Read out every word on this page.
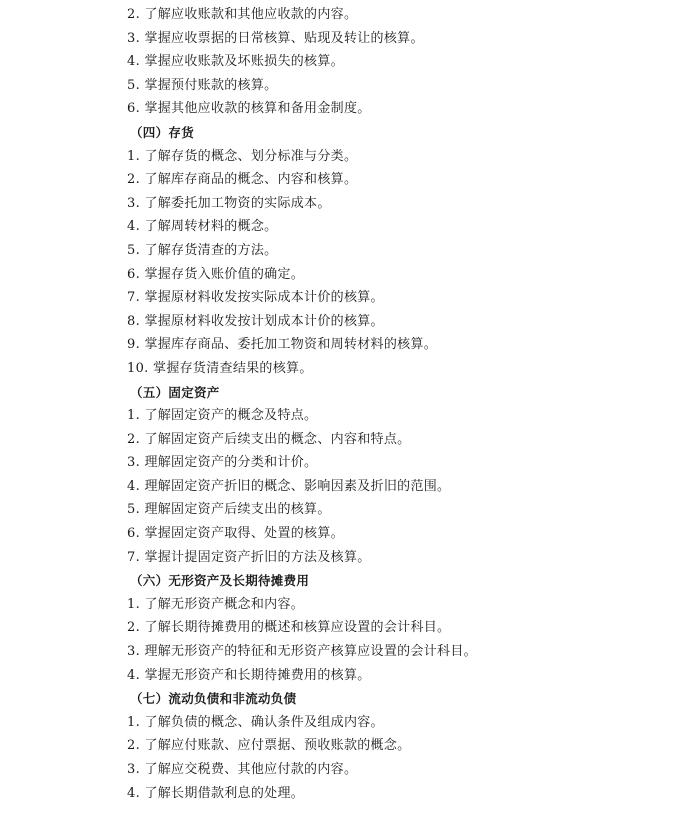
2. 了解应收账款和其他应收款的内容。
3. 掌握应收票据的日常核算、贴现及转让的核算。
4. 掌握应收账款及坏账损失的核算。
5. 掌握预付账款的核算。
6. 掌握其他应收款的核算和备用金制度。
（四）存货
1. 了解存货的概念、划分标准与分类。
2. 了解库存商品的概念、内容和核算。
3. 了解委托加工物资的实际成本。
4. 了解周转材料的概念。
5. 了解存货清查的方法。
6. 掌握存货入账价值的确定。
7. 掌握原材料收发按实际成本计价的核算。
8. 掌握原材料收发按计划成本计价的核算。
9. 掌握库存商品、委托加工物资和周转材料的核算。
10. 掌握存货清查结果的核算。
（五）固定资产
1. 了解固定资产的概念及特点。
2. 了解固定资产后续支出的概念、内容和特点。
3. 理解固定资产的分类和计价。
4. 理解固定资产折旧的概念、影响因素及折旧的范围。
5. 理解固定资产后续支出的核算。
6. 掌握固定资产取得、处置的核算。
7. 掌握计提固定资产折旧的方法及核算。
（六）无形资产及长期待摊费用
1. 了解无形资产概念和内容。
2. 了解长期待摊费用的概述和核算应设置的会计科目。
3. 理解无形资产的特征和无形资产核算应设置的会计科目。
4. 掌握无形资产和长期待摊费用的核算。
（七）流动负债和非流动负债
1. 了解负债的概念、确认条件及组成内容。
2. 了解应付账款、应付票据、预收账款的概念。
3. 了解应交税费、其他应付款的内容。
4. 了解长期借款利息的处理。
